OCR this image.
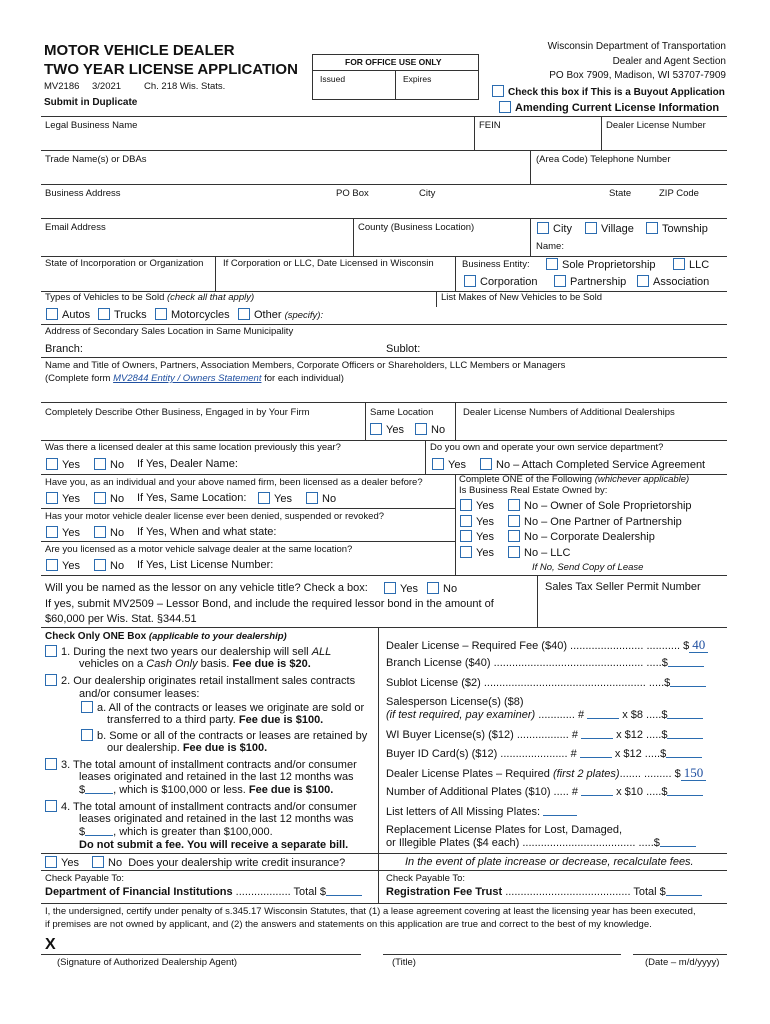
MOTOR VEHICLE DEALER
TWO YEAR LICENSE APPLICATION
MV2186 3/2021 Ch. 218 Wis. Stats.
Submit in Duplicate
FOR OFFICE USE ONLY
Issued	Expires
Wisconsin Department of Transportation
Dealer and Agent Section
PO Box 7909, Madison, WI 53707-7909
Check this box if This is a Buyout Application
Amending Current License Information
Legal Business Name	FEIN	Dealer License Number
Trade Name(s) or DBAs	(Area Code) Telephone Number
Business Address	PO Box	City	State	ZIP Code
Email Address	County (Business Location)	City	Village	Township
Name:
State of Incorporation or Organization If Corporation or LLC, Date Licensed in Wisconsin	Business Entity:	Sole Proprietorship	LLC
Corporation	Partnership	Association
Types of Vehicles to be Sold (check all that apply)	List Makes of New Vehicles to be Sold
Autos	Trucks	Motorcycles	Other (specify):
Address of Secondary Sales Location in Same Municipality
Branch:	Sublot:
Name and Title of Owners, Partners, Association Members, Corporate Officers or Shareholders, LLC Members or Managers
(Complete form MV2844 Entity / Owners Statement for each individual)
Completely Describe Other Business, Engaged in by Your Firm	Same Location
Yes	No
Dealer License Numbers of Additional Dealerships
Was there a licensed dealer at this same location previously this year?
Yes	No If Yes, Dealer Name:
Do you own and operate your own service department?
Yes	No – Attach Completed Service Agreement
Have you, as an individual and your above named firm, been licensed as a dealer before?
Yes	No If Yes, Same Location:	Yes	No
Has your motor vehicle dealer license ever been denied, suspended or revoked?
Yes	No If Yes, When and what state:
Are you licensed as a motor vehicle salvage dealer at the same location?
Yes	No If Yes, List License Number:
Complete ONE of the Following (whichever applicable)
Is Business Real Estate Owned by:
Yes	No – Owner of Sole Proprietorship
Yes	No – One Partner of Partnership
Yes	No – Corporate Dealership
Yes	No – LLC
If No, Send Copy of Lease
Will you be named as the lessor on any vehicle title? Check a box:	Yes	No
If yes, submit MV2509 – Lessor Bond, and include the required lessor bond in the amount of
$60,000 per Wis. Stat. §344.51
Sales Tax Seller Permit Number
Check Only ONE Box (applicable to your dealership)
1. During the next two years our dealership will sell ALL
vehicles on a Cash Only basis. Fee due is $20.
2. Our dealership originates retail installment sales contracts
and/or consumer leases:
a. All of the contracts or leases we originate are sold or
transferred to a third party. Fee due is $100.
b. Some or all of the contracts or leases are retained by
our dealership. Fee due is $100.
3. The total amount of installment contracts and/or consumer
leases originated and retained in the last 12 months was
$	, which is $100,000 or less. Fee due is $100.
4. The total amount of installment contracts and/or consumer
leases originated and retained in the last 12 months was
$	, which is greater than $100,000.
Do not submit a fee. You will receive a separate bill.
Yes	No Does your dealership write credit insurance?
Check Payable To:
Department of Financial Institutions .................. Total $
Dealer License – Required Fee ($40) ........................ ........... $ 40
Branch License ($40) ................................................. .....$
Sublot License ($2) ..................................................... .....$
Salesperson License(s) ($8)
(if test required, pay examiner) ............ #	x $8 .....$
WI Buyer License(s) ($12) ................. #	x $12 .....$
Buyer ID Card(s) ($12) ...................... #	x $12 .....$
Dealer License Plates – Required (first 2 plates)....... ......... $ 150
Number of Additional Plates ($10) ..... #	x $10 .....$
List letters of All Missing Plates:
Replacement License Plates for Lost, Damaged,
or Illegible Plates ($4 each) ..................................... .....$
In the event of plate increase or decrease, recalculate fees.
Check Payable To:
Registration Fee Trust ......................................... Total $
I, the undersigned, certify under penalty of s.345.17 Wisconsin Statutes, that (1) a lease agreement covering at least the licensing year has been executed,
if premises are not owned by applicant, and (2) the answers and statements on this application are true and correct to the best of my knowledge.
X
(Signature of Authorized Dealership Agent)	(Title)	(Date – m/d/yyyy)
